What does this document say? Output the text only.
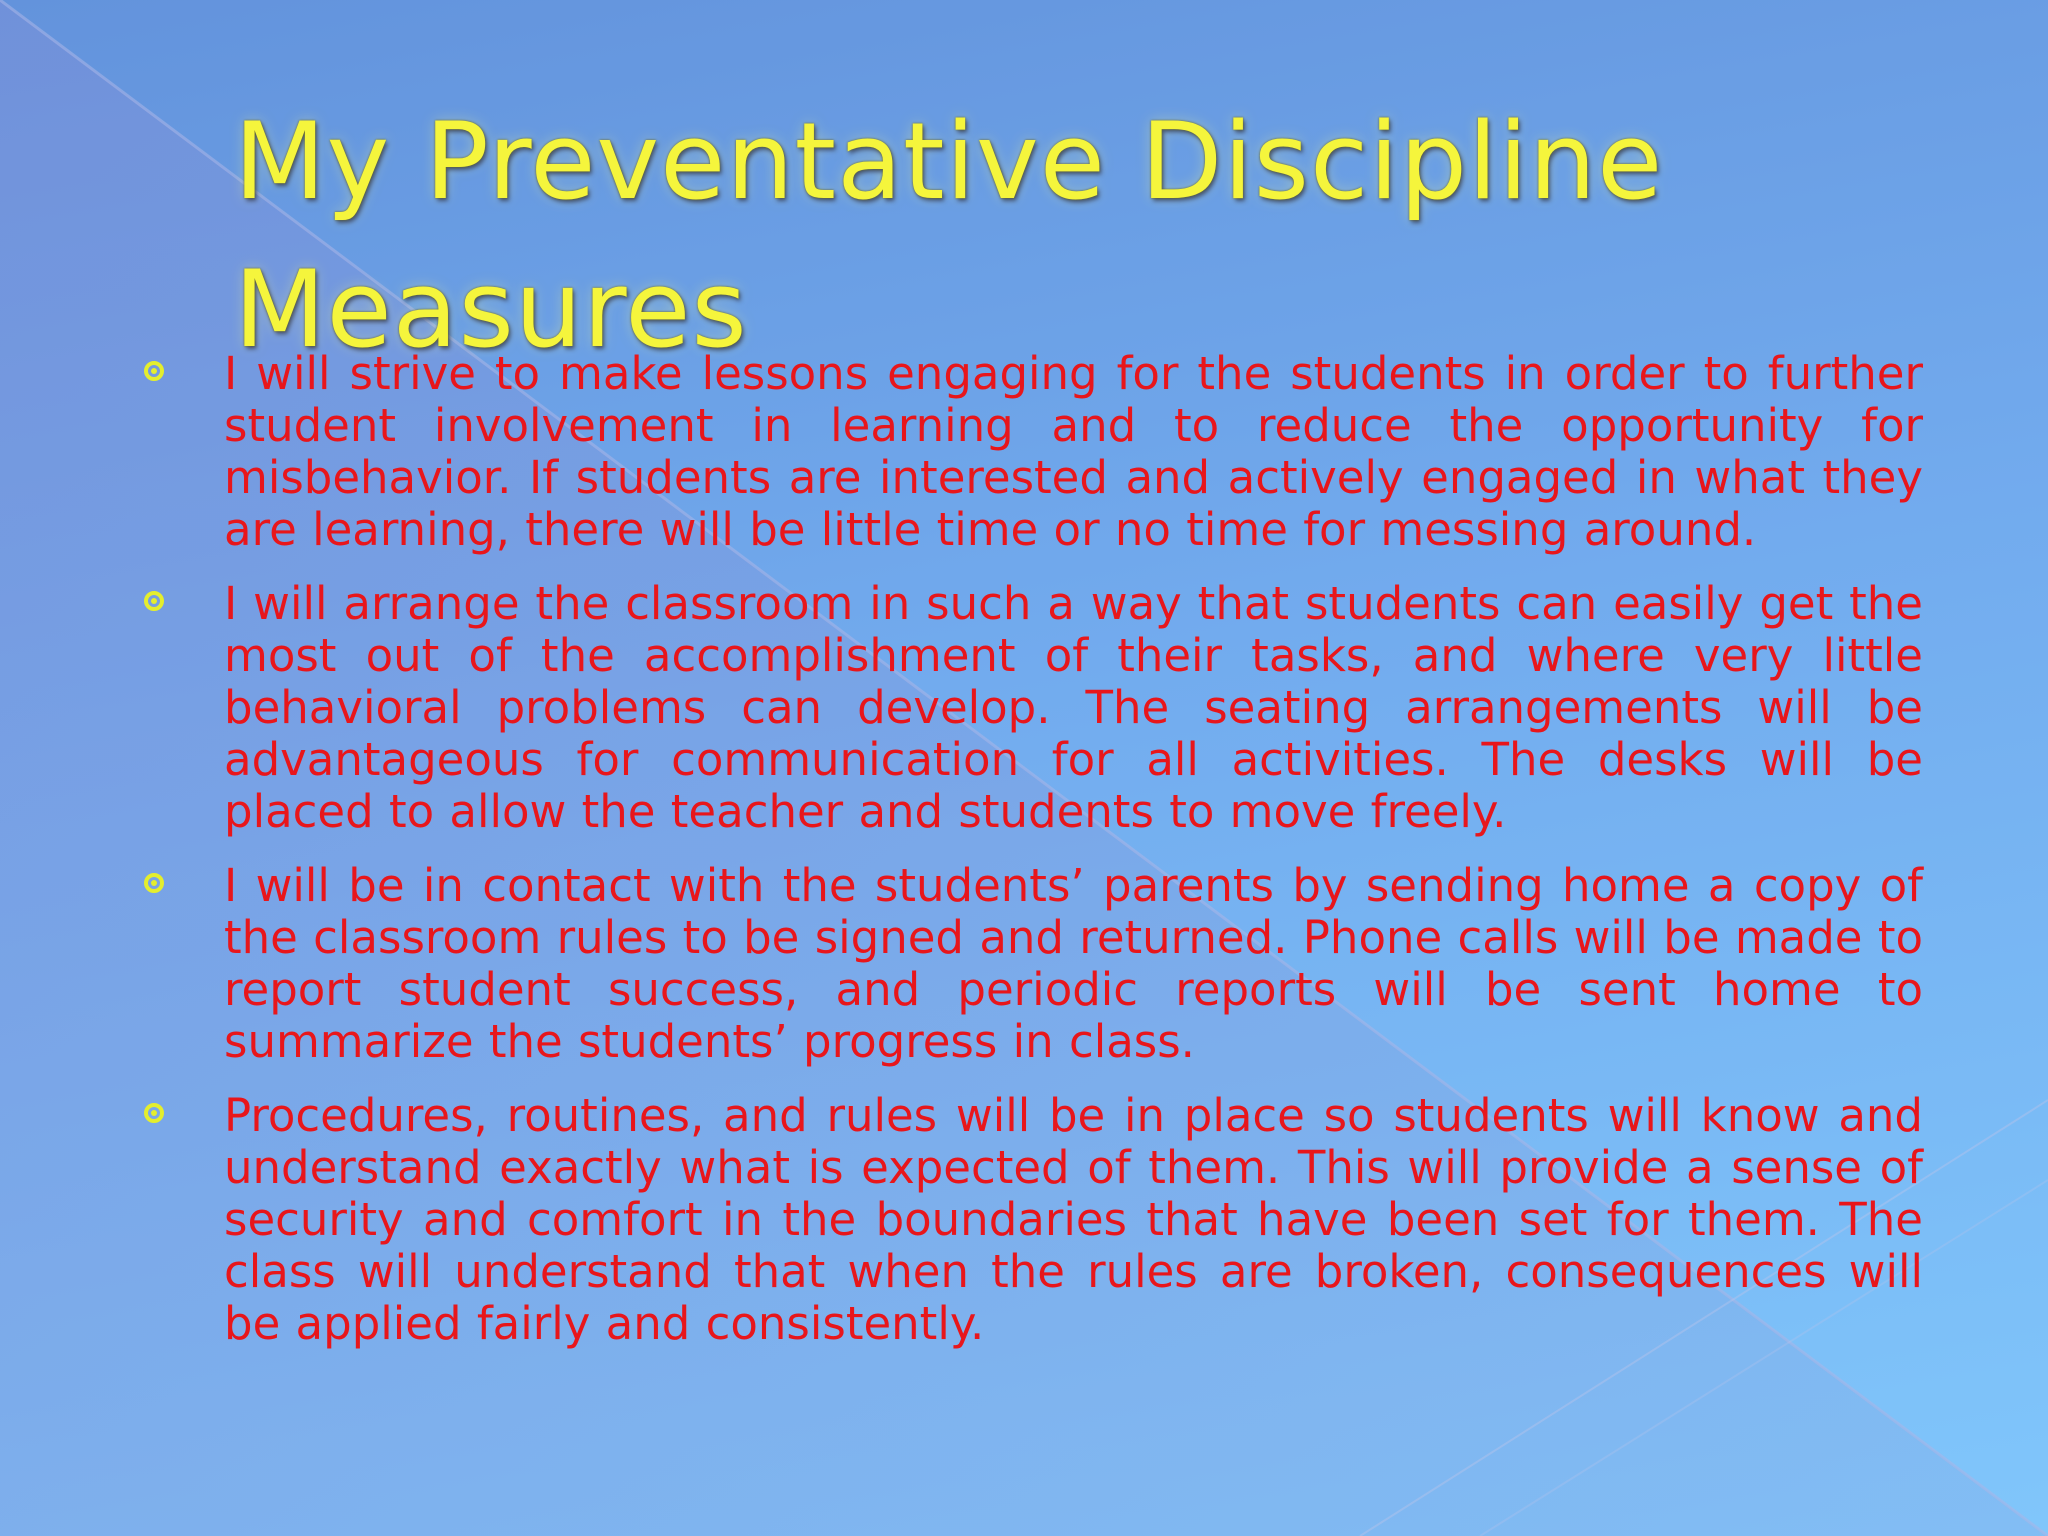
My Preventative Discipline Measures
I will strive to make lessons engaging for the students in order to further student involvement in learning and to reduce the opportunity for misbehavior. If students are interested and actively engaged in what they are learning, there will be little time or no time for messing around.
I will arrange the classroom in such a way that students can easily get the most out of the accomplishment of their tasks, and where very little behavioral problems can develop. The seating arrangements will be advantageous for communication for all activities. The desks will be placed to allow the teacher and students to move freely.
I will be in contact with the students’ parents by sending home a copy of the classroom rules to be signed and returned. Phone calls will be made to report student success, and periodic reports will be sent home to summarize the students’ progress in class.
Procedures, routines, and rules will be in place so students will know and understand exactly what is expected of them. This will provide a sense of security and comfort in the boundaries that have been set for them. The class will understand that when the rules are broken, consequences will be applied fairly and consistently.
